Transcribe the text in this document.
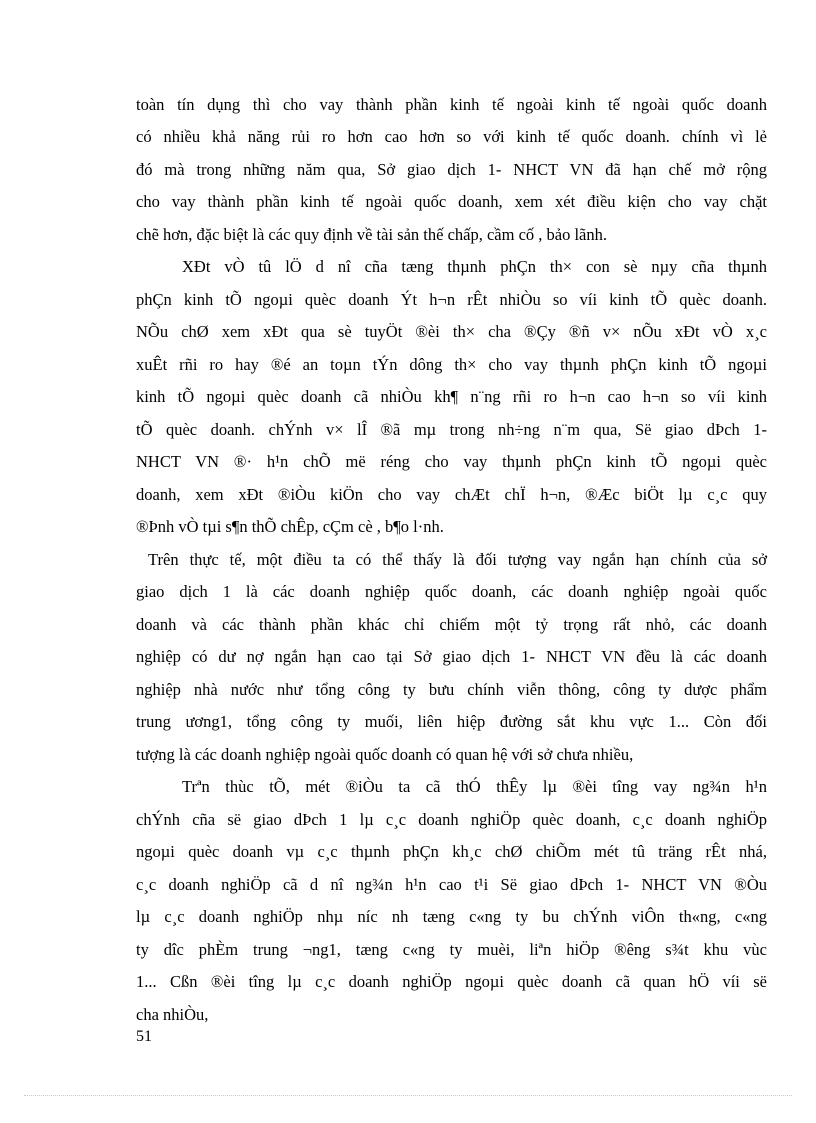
toàn tín dụng thì cho vay thành phần kinh tế ngoài kinh tế ngoài quốc doanh
có nhiều khả năng rủi ro hơn cao hơn so với kinh tế quốc doanh. chính vì lẻ
đó mà trong những năm qua, Sở giao dịch 1- NHCT VN đã hạn chế mở rộng
cho vay thành phần kinh tế ngoài quốc doanh, xem xét điều kiện cho vay chặt
chẽ hơn, đặc biệt là các quy định về tài sản thế chấp, cầm cố , bảo lãnh.
XÐt vÒ tû lÖ d nî cña tæng thµnh phÇn th× con sè nµy cña thµnh
phÇn kinh tÕ ngoµi quèc doanh Ýt h¬n rÊt nhiÒu so víi kinh tÕ quèc doanh.
NÕu chØ xem xÐt qua sè tuyÖt ®èi th× cha ®Çy ®ñ v× nÕu xÐt vÒ x¸c
xuÊt rñi ro hay ®é an toµn tÝn dông th× cho vay thµnh phÇn kinh tÕ ngoµi
kinh tÕ ngoµi quèc doanh cã nhiÒu kh¶ n¨ng rñi ro h¬n cao h¬n so víi kinh
tÕ quèc doanh. chÝnh v× lÎ ®ã mµ trong nh÷ng n¨m qua, Së giao dÞch 1-
NHCT VN ®· h¹n chÕ më réng cho vay thµnh phÇn kinh tÕ ngoµi quèc
doanh, xem xÐt ®iÒu kiÖn cho vay chÆt chÏ h¬n, ®Æc biÖt lµ c¸c quy
®Þnh vÒ tµi s¶n thÕ chÊp, cÇm cè , b¶o l·nh.
Trên thực tế, một điều ta có thể thấy là đối tượng vay ngắn hạn chính của sở
giao dịch 1 là các doanh nghiệp quốc doanh, các doanh nghiệp ngoài quốc
doanh và các thành phần khác chỉ chiếm một tỷ trọng rất nhỏ, các doanh
nghiệp có dư nợ ngắn hạn cao tại Sở giao dịch 1- NHCT VN đều là các doanh
nghiệp nhà nước như tổng công ty bưu chính viễn thông, công ty dược phẩm
trung ương1, tổng công ty muối, liên hiệp đường sắt khu vực 1... Còn đối
tượng là các doanh nghiệp ngoài quốc doanh có quan hệ với sở chưa nhiều,
Trªn thùc tÕ, mét ®iÒu ta cã thÓ thÊy lµ ®èi tîng vay ng¾n h¹n
chÝnh cña së giao dÞch 1 lµ c¸c doanh nghiÖp quèc doanh, c¸c doanh nghiÖp
ngoµi quèc doanh vµ c¸c thµnh phÇn kh¸c chØ chiÕm mét tû träng rÊt nhá,
c¸c doanh nghiÖp cã d nî ng¾n h¹n cao t¹i Së giao dÞch 1- NHCT VN ®Òu
lµ c¸c doanh nghiÖp nhµ níc nh tæng c«ng ty bu chÝnh viÔn th«ng, c«ng
ty dîc phÈm trung ¬ng1, tæng c«ng ty muèi, liªn hiÖp ®êng s¾t khu vùc
1... Cßn ®èi tîng lµ c¸c doanh nghiÖp ngoµi quèc doanh cã quan hÖ víi së
cha nhiÒu,
51
